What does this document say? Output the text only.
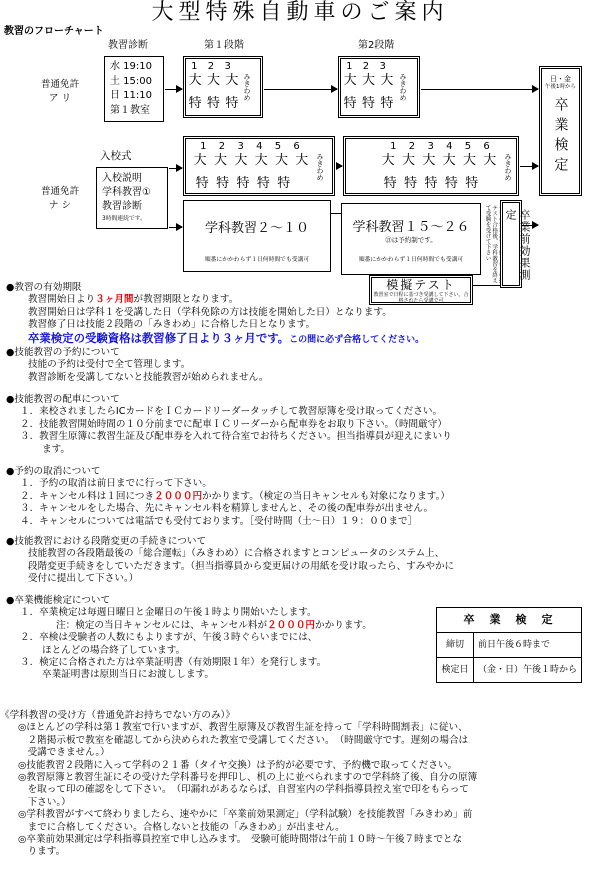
大型特殊自動車のご案内
教習のフローチャート
教習診断	第１段階	第2段階
普通免許
ア リ
水 19:10
土 15:00
日 11:10
第１教室
1 2 3
大 大 大 みきわめ
特 特 特
1 2 3
大 大 大 みきわめ
特 特 特
日・金
午後1時から
卒業検定
入校式
普通免許
ナ シ
入校説明
学科教習①
教習診断
3時間連続です。
1 2 3 4 5 6
大 大 大 大 大 大 みきわめ
特 特 特 特 特
1 2 3 4 5 6
大 大 大 大 大 大 みきわめ
特 特 特 特 特
学科教習２～１０
順番にかかわらず１日何時間でも受講可
学科教習１５～２６
㉑は予約制です。
順番にかかわらず１日何時間でも受講可
テスト合格後、学科教習を終えて受験を受けて下さい	卒業前効果測定
模擬テスト
教習室で日程に基づき受講して下さい。合格されたら受講で可

●教習の有効期限

教習開始日より３ヶ月間が教習期限となります。

教習開始日は学科１を受講した日（学科免除の方は技能を開始した日）となります。

教習修了日は技能２段階の「みきわめ」に合格した日となります。

卒業検定の受験資格は教習修了日より３ヶ月です。この間に必ず合格してください。

●技能教習の予約について

技能の予約は受付で全て管理します。

教習診断を受講してないと技能教習が始められません。

●技能教習の配車について

１．来校されましたらICカードをＩＣカードリーダータッチして教習原簿を受け取ってください。

２．技能教習開始時間の１０分前までに配車ＩＣリーダーから配車券をお取り下さい。（時間厳守）

３．教習生原簿に教習生証及び配車券を入れて待合室でお待ちください。担当指導員が迎えにまいり

ます。

●予約の取消について

１．予約の取消は前日までに行って下さい。

２．キャンセル料は１回につき２０００円かかります。（検定の当日キャンセルも対象になります。）

３．キャンセルをした場合、先にキャンセル料を精算しませんと、その後の配車券が出ません。

４．キャンセルについては電話でも受付ております。［受付時間（土～日）１９：００まで］

●技能教習における段階変更の手続きについて

技能教習の各段階最後の「総合運転」（みきわめ）に合格されますとコンピュータのシステム上、

段階変更手続きをしていただきます。（担当指導員から変更届けの用紙を受け取ったら、すみやかに

受付に提出して下さい。）

●卒業機能検定について

１．卒業検定は毎週日曜日と金曜日の午後１時より開始いたします。

注：検定の当日キャンセルには、キャンセル料が２０００円かかります。

２．卒検は受験者の人数にもよりますが、午後３時ぐらいまでには、

ほとんどの場合終了しています。

３．検定に合格された方は卒業証明書（有効期限１年）を発行します。

卒業証明書は原則当日にお渡しします。

卒　業　検　定	
締切	前日午後６時まで
検定日	（金・日）午後１時から

《学科教習の受け方（普通免許お持ちでない方のみ）》

◎ほとんどの学科は第１教室で行いますが、教習生原簿及び教習生証を持って「学科時間割表」に従い、

　２階掲示板で教室を確認してから決められた教室で受講してください。　（時間厳守です。遅刻の場合は

　受講できません。）

◎技能教習２段階に入って学科の２１番（タイヤ交換）は予約が必要です、予約機で取ってください。

◎教習原簿と教習生証にその受けた学科番号を押印し、机の上に並べられますので学科終了後、自分の原簿

　を取って印の確認をして下さい。　（印漏れがあるならば、自習室内の学科指導員控え室で印をもらって

　下さい。）

◎学科教習がすべて終わりましたら、速やかに「卒業前効果測定」（学科試験）を技能教習「みきわめ」前

　までに合格してください。合格しないと技能の「みきわめ」が出ません。

◎卒業前効果測定は学科指導員控室で申し込みます。　受験可能時間帯は午前１０時～午後７時までとな

　ります。
